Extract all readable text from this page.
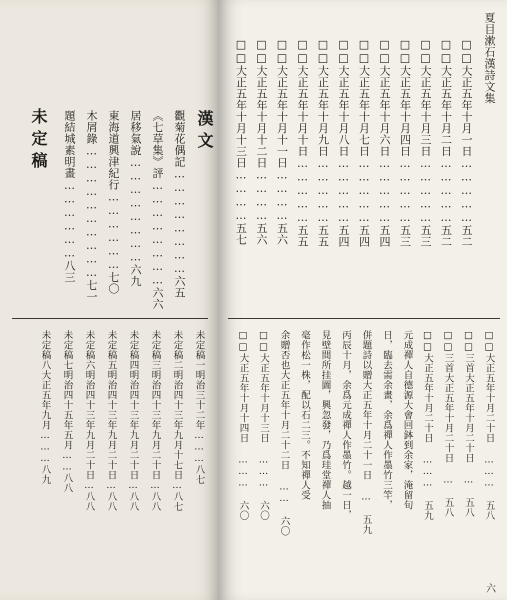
漢文
觀菊花偶記……………………六五
《七草集》評……………………六六
居移氣說……………………六九
東海道興津紀行………………七〇
木屑錄…………………………七一
題結城素明畫………………八三
未定稿
未定稿一明治三十二年………八七
未定稿二明治四十三年九月十七日…八七
未定稿三明治四十三年九月二十日…八八
未定稿四明治四十三年九月二十日…八八
未定稿五明治四十三年九月二十日…八八
未定稿六明治四十三年九月二十日…八八
未定稿七明治四十五年五月……八八
未定稿八大正五年九月………八九
夏目漱石漢詩文集
□□大正五年十月一日……………五二
□□大正五年十月二日……………五二
□□大正五年十月三日……………五三
□□大正五年十月四日……………五三
□□大正五年十月六日……………五四
□□大正五年十月七日……………五四
□□大正五年十月八日……………五四
□□大正五年十月九日……………五五
□□大正五年十月十日……………五五
□□大正五年十月十一日…………五六
□□大正五年十月十二日…………五六
□□大正五年十月十三日…………五七
□□大正五年十月二十日 ……… 五八
□□三首大正五年十月二十日 … 五八
□□三首大正五年十月二十日 … 五八
□□大正五年十月二十日 ……… 五九
元成禪人自德源大會回鉢到余家，淹留旬
日，臨去需余畫，余爲禪人作墨竹三竿，
併題詩以贈大正五年十月二十一日 … 五九
丙辰十月，余爲元成禪人作墨竹。越一日，
見壁間所挂圖，興忽發，乃爲珪堂禪人抽
毫作松一株，配以石二三。不知禪人受
余贈否也大正五年十月二十二日 …… 六〇
□□大正五年十月十三日 ……… 六〇
□□大正五年十月十四日 ……… 六〇
六
